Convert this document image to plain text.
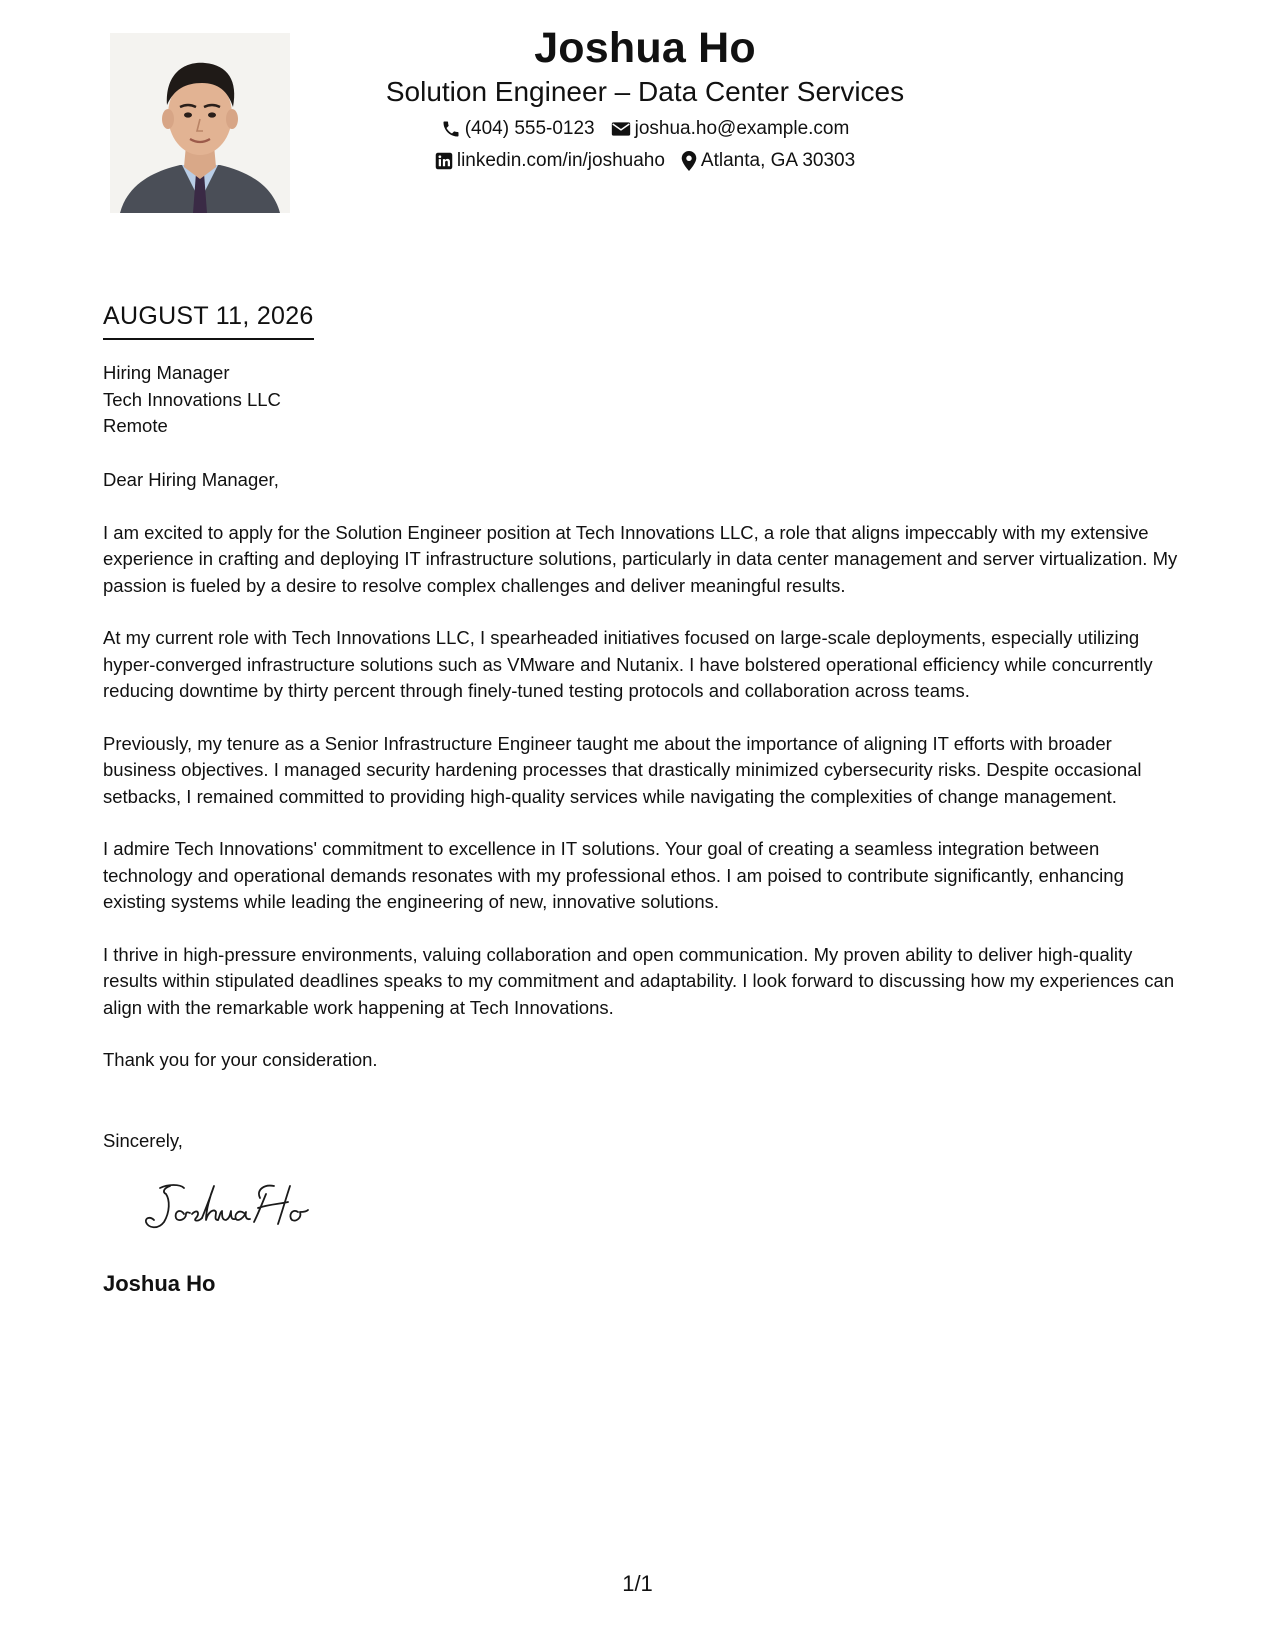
Joshua Ho
Solution Engineer – Data Center Services
(404) 555-0123 joshua.ho@example.com
linkedin.com/in/joshuaho Atlanta, GA 30303
AUGUST 11, 2026
Hiring Manager
Tech Innovations LLC
Remote

Dear Hiring Manager,

I am excited to apply for the Solution Engineer position at Tech Innovations LLC, a role that aligns impeccably with my extensive experience in crafting and deploying IT infrastructure solutions, particularly in data center management and server virtualization. My passion is fueled by a desire to resolve complex challenges and deliver meaningful results.

At my current role with Tech Innovations LLC, I spearheaded initiatives focused on large-scale deployments, especially utilizing hyper-converged infrastructure solutions such as VMware and Nutanix. I have bolstered operational efficiency while concurrently reducing downtime by thirty percent through finely-tuned testing protocols and collaboration across teams.

Previously, my tenure as a Senior Infrastructure Engineer taught me about the importance of aligning IT efforts with broader business objectives. I managed security hardening processes that drastically minimized cybersecurity risks. Despite occasional setbacks, I remained committed to providing high-quality services while navigating the complexities of change management.

I admire Tech Innovations' commitment to excellence in IT solutions. Your goal of creating a seamless integration between technology and operational demands resonates with my professional ethos. I am poised to contribute significantly, enhancing existing systems while leading the engineering of new, innovative solutions.

I thrive in high-pressure environments, valuing collaboration and open communication. My proven ability to deliver high-quality results within stipulated deadlines speaks to my commitment and adaptability. I look forward to discussing how my experiences can align with the remarkable work happening at Tech Innovations.

Thank you for your consideration.

Sincerely,
Joshua Ho
1/1
